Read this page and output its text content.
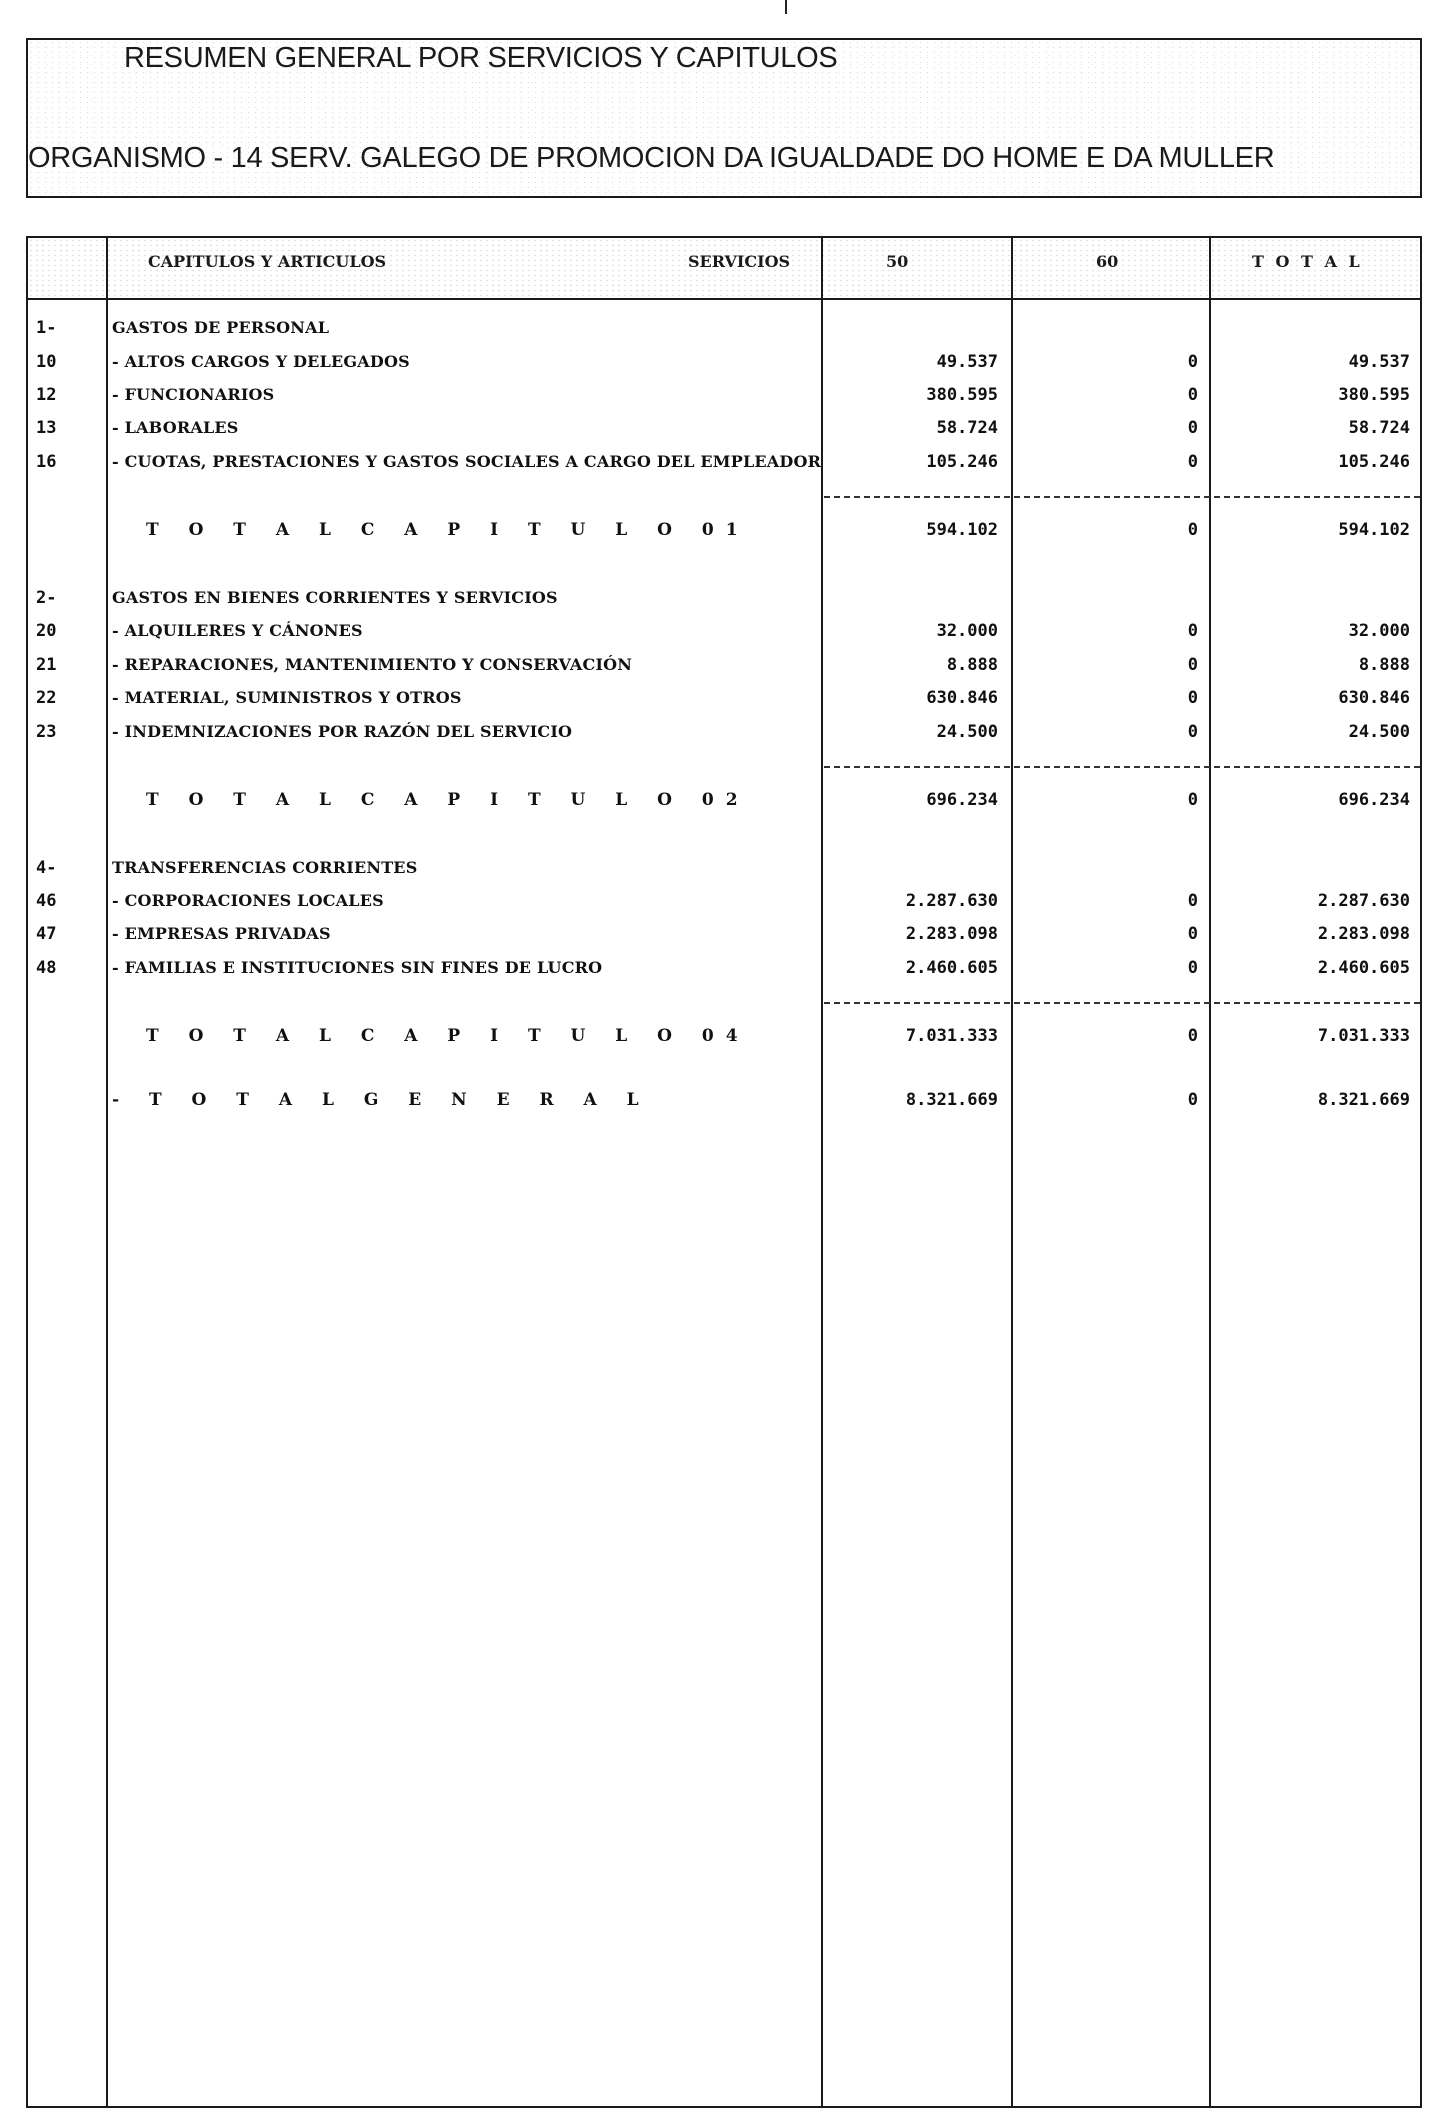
RESUMEN GENERAL POR SERVICIOS Y CAPITULOS
ORGANISMO - 14 SERV. GALEGO DE PROMOCION DA IGUALDADE DO HOME E DA MULLER
CAPITULOS Y ARTICULOS	SERVICIOS	50	60	T O T A L
1-	GASTOS DE PERSONAL
10	- ALTOS CARGOS Y DELEGADOS	49.537	0	49.537
12	- FUNCIONARIOS	380.595	0	380.595
13	- LABORALES	58.724	0	58.724
16	- CUOTAS, PRESTACIONES Y GASTOS SOCIALES A CARGO DEL EMPLEADOR	105.246	0	105.246
T O T A L C A P I T U L O 01	594.102	0	594.102
2-	GASTOS EN BIENES CORRIENTES Y SERVICIOS
20	- ALQUILERES Y CÁNONES	32.000	0	32.000
21	- REPARACIONES, MANTENIMIENTO Y CONSERVACIÓN	8.888	0	8.888
22	- MATERIAL, SUMINISTROS Y OTROS	630.846	0	630.846
23	- INDEMNIZACIONES POR RAZÓN DEL SERVICIO	24.500	0	24.500
T O T A L C A P I T U L O 02	696.234	0	696.234
4-	TRANSFERENCIAS CORRIENTES
46	- CORPORACIONES LOCALES	2.287.630	0	2.287.630
47	- EMPRESAS PRIVADAS	2.283.098	0	2.283.098
48	- FAMILIAS E INSTITUCIONES SIN FINES DE LUCRO	2.460.605	0	2.460.605
T O T A L C A P I T U L O 04	7.031.333	0	7.031.333
- T O T A L G E N E R A L	8.321.669	0	8.321.669
